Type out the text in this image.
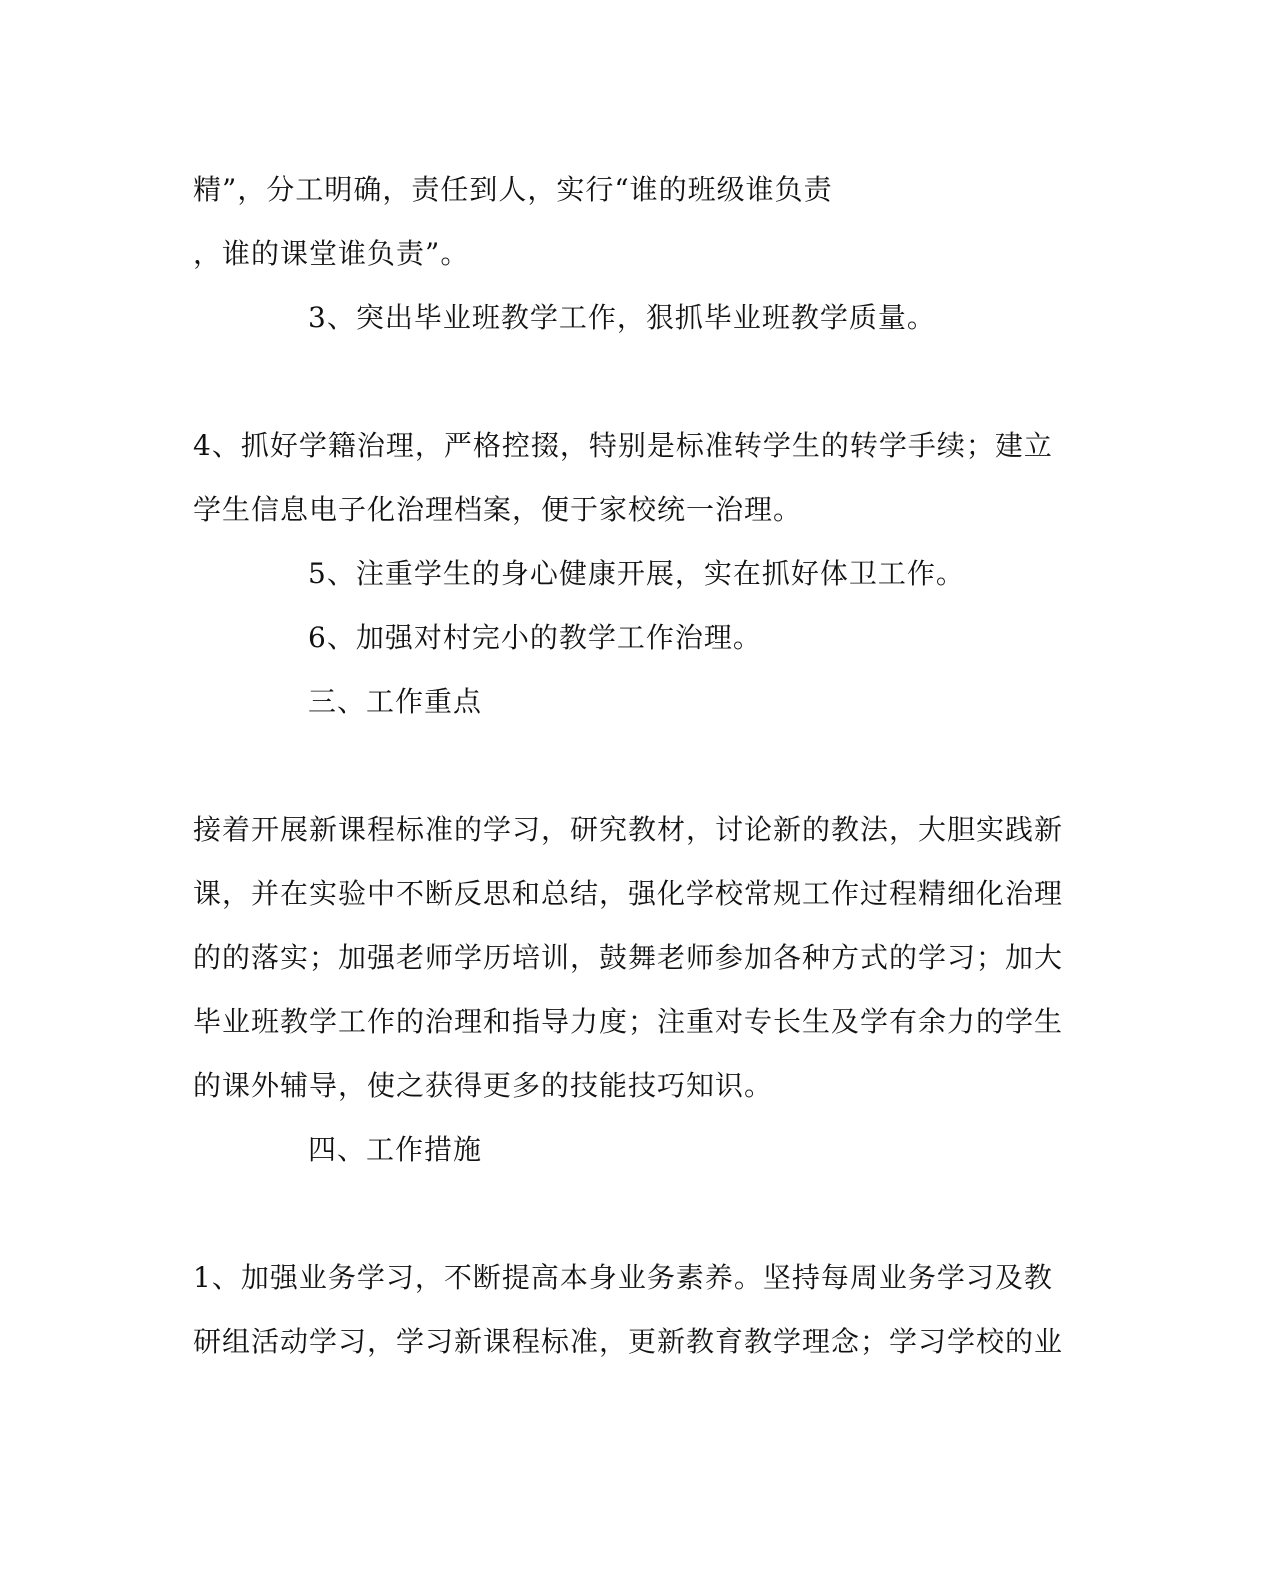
精”，分工明确，责任到人，实行“谁的班级谁负责
，谁的课堂谁负责”。
3、突出毕业班教学工作，狠抓毕业班教学质量。
4、抓好学籍治理，严格控掇，特别是标准转学生的转学手续；建立
学生信息电子化治理档案，便于家校统一治理。
5、注重学生的身心健康开展，实在抓好体卫工作。
6、加强对村完小的教学工作治理。
三、工作重点
接着开展新课程标准的学习，研究教材，讨论新的教法，大胆实践新
课，并在实验中不断反思和总结，强化学校常规工作过程精细化治理
的的落实；加强老师学历培训，鼓舞老师参加各种方式的学习；加大
毕业班教学工作的治理和指导力度；注重对专长生及学有余力的学生
的课外辅导，使之获得更多的技能技巧知识。
四、工作措施
1、加强业务学习，不断提高本身业务素养。坚持每周业务学习及教
研组活动学习，学习新课程标准，更新教育教学理念；学习学校的业
